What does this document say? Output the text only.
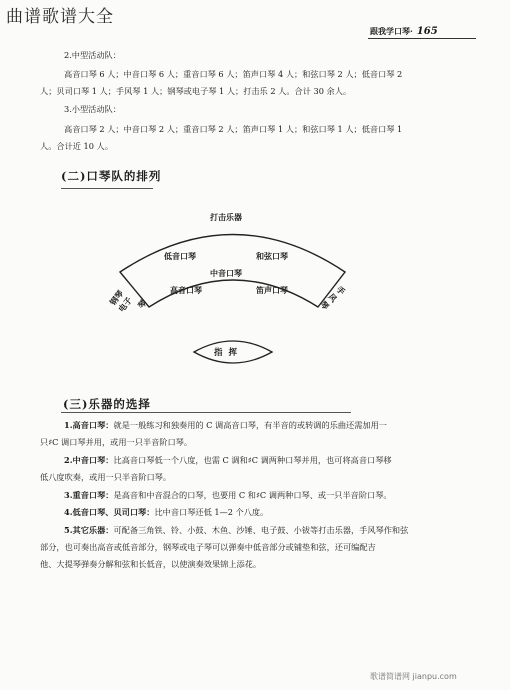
曲谱歌谱大全
跟我学口琴· 165
2.中型活动队：
高音口琴 6 人；中音口琴 6 人；重音口琴 6 人；笛声口琴 4 人；和弦口琴 2 人；低音口琴 2
人；贝司口琴 1 人；手风琴 1 人；钢琴或电子琴 1 人；打击乐 2 人。合计 30 余人。
3.小型活动队：
高音口琴 2 人；中音口琴 2 人；重音口琴 2 人；笛声口琴 1 人；和弦口琴 1 人；低音口琴 1
人。合计近 10 人。
(二)口琴队的排列
打击乐器
低音口琴	和弦口琴
中音口琴
高音口琴	笛声口琴
钢琴电子 琴
手风琴
指挥
(三)乐器的选择
1.高音口琴：就是一般练习和独奏用的 C 调高音口琴，有半音的或转调的乐曲还需加用一
只♯C 调口琴并用，或用一只半音阶口琴。
2.中音口琴：比高音口琴低一个八度，也需 C 调和♯C 调两种口琴并用，也可将高音口琴移
低八度吹奏，或用一只半音阶口琴。
3.重音口琴：是高音和中音混合的口琴，也要用 C 和♯C 调两种口琴、或一只半音阶口琴。
4.低音口琴、贝司口琴：比中音口琴还低 1—2 个八度。
5.其它乐器：可配备三角铁、铃、小鼓、木鱼、沙锤、电子鼓、小钹等打击乐器，手风琴作和弦
部分，也可奏出高音或低音部分，钢琴或电子琴可以弹奏中低音部分或铺垫和弦，还可编配吉
他、大提琴弹奏分解和弦和长低音，以使演奏效果锦上添花。
歌谱简谱网 jianpu.com
